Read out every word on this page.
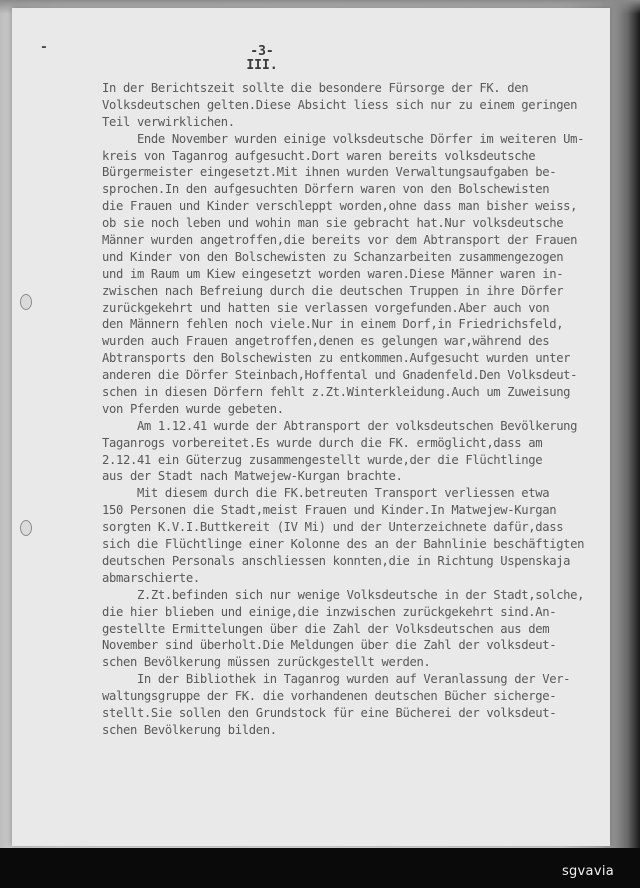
-	-3-
III.
In der Berichtszeit sollte die besondere Fürsorge der FK. den
Volksdeutschen gelten.Diese Absicht liess sich nur zu einem geringen
Teil verwirklichen.
Ende November wurden einige volksdeutsche Dörfer im weiteren Um-
kreis von Taganrog aufgesucht.Dort waren bereits volksdeutsche
Bürgermeister eingesetzt.Mit ihnen wurden Verwaltungsaufgaben be-
sprochen.In den aufgesuchten Dörfern waren von den Bolschewisten
die Frauen und Kinder verschleppt worden,ohne dass man bisher weiss,
ob sie noch leben und wohin man sie gebracht hat.Nur volksdeutsche
Männer wurden angetroffen,die bereits vor dem Abtransport der Frauen
und Kinder von den Bolschewisten zu Schanzarbeiten zusammengezogen
und im Raum um Kiew eingesetzt worden waren.Diese Männer waren in-
zwischen nach Befreiung durch die deutschen Truppen in ihre Dörfer
zurückgekehrt und hatten sie verlassen vorgefunden.Aber auch von
den Männern fehlen noch viele.Nur in einem Dorf,in Friedrichsfeld,
wurden auch Frauen angetroffen,denen es gelungen war,während des
Abtransports den Bolschewisten zu entkommen.Aufgesucht wurden unter
anderen die Dörfer Steinbach,Hoffental und Gnadenfeld.Den Volksdeut-
schen in diesen Dörfern fehlt z.Zt.Winterkleidung.Auch um Zuweisung
von Pferden wurde gebeten.
Am 1.12.41 wurde der Abtransport der volksdeutschen Bevölkerung
Taganrogs vorbereitet.Es wurde durch die FK. ermöglicht,dass am
2.12.41 ein Güterzug zusammengestellt wurde,der die Flüchtlinge
aus der Stadt nach Matwejew-Kurgan brachte.
Mit diesem durch die FK.betreuten Transport verliessen etwa
150 Personen die Stadt,meist Frauen und Kinder.In Matwejew-Kurgan
sorgten K.V.I.Buttkereit (IV Mi) und der Unterzeichnete dafür,dass
sich die Flüchtlinge einer Kolonne des an der Bahnlinie beschäftigten
deutschen Personals anschliessen konnten,die in Richtung Uspenskaja
abmarschierte.
Z.Zt.befinden sich nur wenige Volksdeutsche in der Stadt,solche,
die hier blieben und einige,die inzwischen zurückgekehrt sind.An-
gestellte Ermittelungen über die Zahl der Volksdeutschen aus dem
November sind überholt.Die Meldungen über die Zahl der volksdeut-
schen Bevölkerung müssen zurückgestellt werden.
In der Bibliothek in Taganrog wurden auf Veranlassung der Ver-
waltungsgruppe der FK. die vorhandenen deutschen Bücher sicherge-
stellt.Sie sollen den Grundstock für eine Bücherei der volksdeut-
schen Bevölkerung bilden.
sgvavia
